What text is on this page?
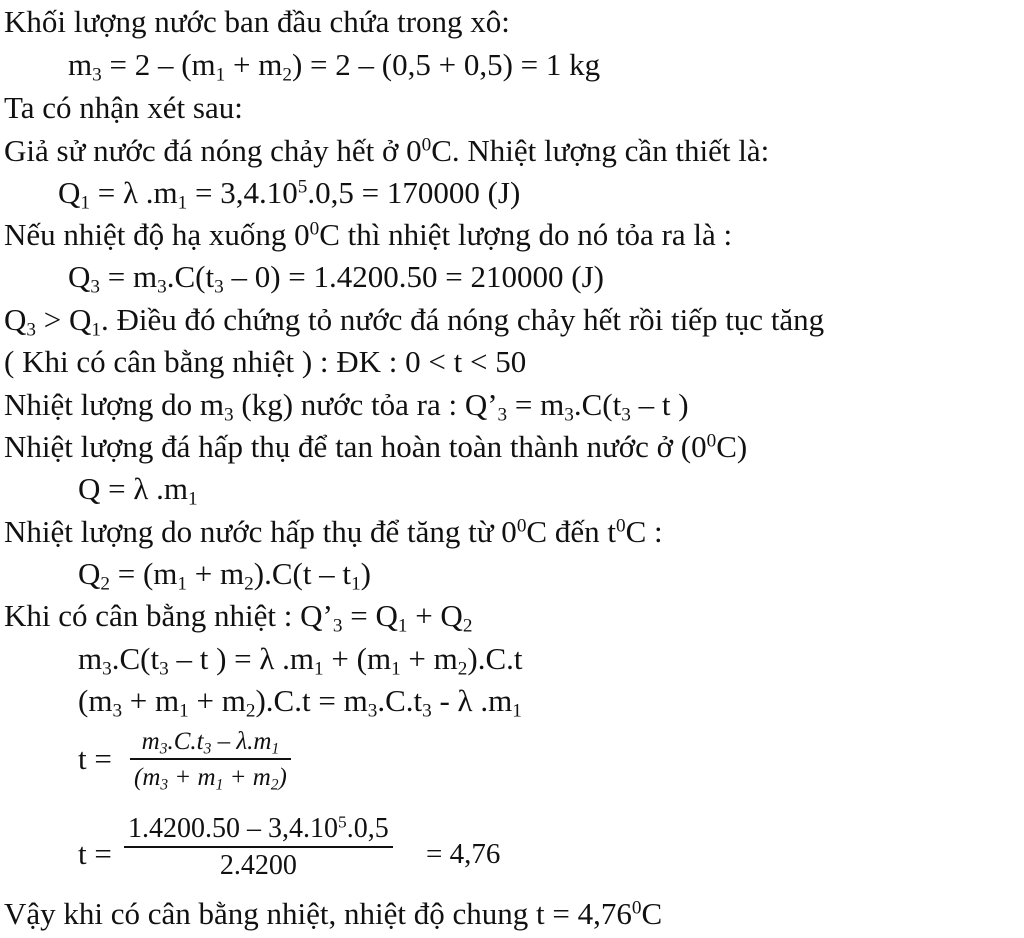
Khối lượng nước ban đầu chứa trong xô:
$m_3 = 2 - (m_1 + m_2) = 2 - (0,5 + 0,5) = 1$ kg
Ta có nhận xét sau:
Giả sử nước đá nóng chảy hết ở $0^0C$. Nhiệt lượng cần thiết là:
$Q_1 = \lambda$ $.m_1 = 3,4.10^5.0,5 = 170000$ (J)
Nếu nhiệt độ hạ xuống $0^0C$ thì nhiệt lượng do nó tỏa ra là :
$Q_3 = m_3.C(t_3 - 0) = 1.4200.50 = 210000$ (J)
$Q_3 > Q_1$. Điều đó chứng tỏ nước đá nóng chảy hết rồi tiếp tục tăng
( Khi có cân bằng nhiệt ) : ĐK : 0 < t < 50
Nhiệt lượng do $m_3$ (kg) nước tỏa ra : $Q’_3 = m_3.C(t_3 - t$ )
Nhiệt lượng đá hấp thụ để tan hoàn toàn thành nước ở $(0^0C)$
Q = λ $.m_1$
Nhiệt lượng do nước hấp thụ để tăng từ $0^0C$ đến $t^0C$ :
$Q_2 = (m_1 + m_2).C(t - t_1)$
Khi có cân bằng nhiệt : $Q’_3 = Q_1 + Q_2$
$m_3.C(t_3$ – t ) = λ $.m_1 + (m_1 + m_2).C.t$
$(m_3 + m_1 + m_2).C.t = m_3.C.t_3 - \lambda$ $.m_1$
$t = m_3.C.t_3 - \lambda.m_1$
$(m_3 + m_1 + m_2)$
t =
1.4200.50 – 3,4.10$^5$.0,5
2.4200	= 4,76
Vậy khi có cân bằng nhiệt, nhiệt độ chung $t = 4,76^0C$
